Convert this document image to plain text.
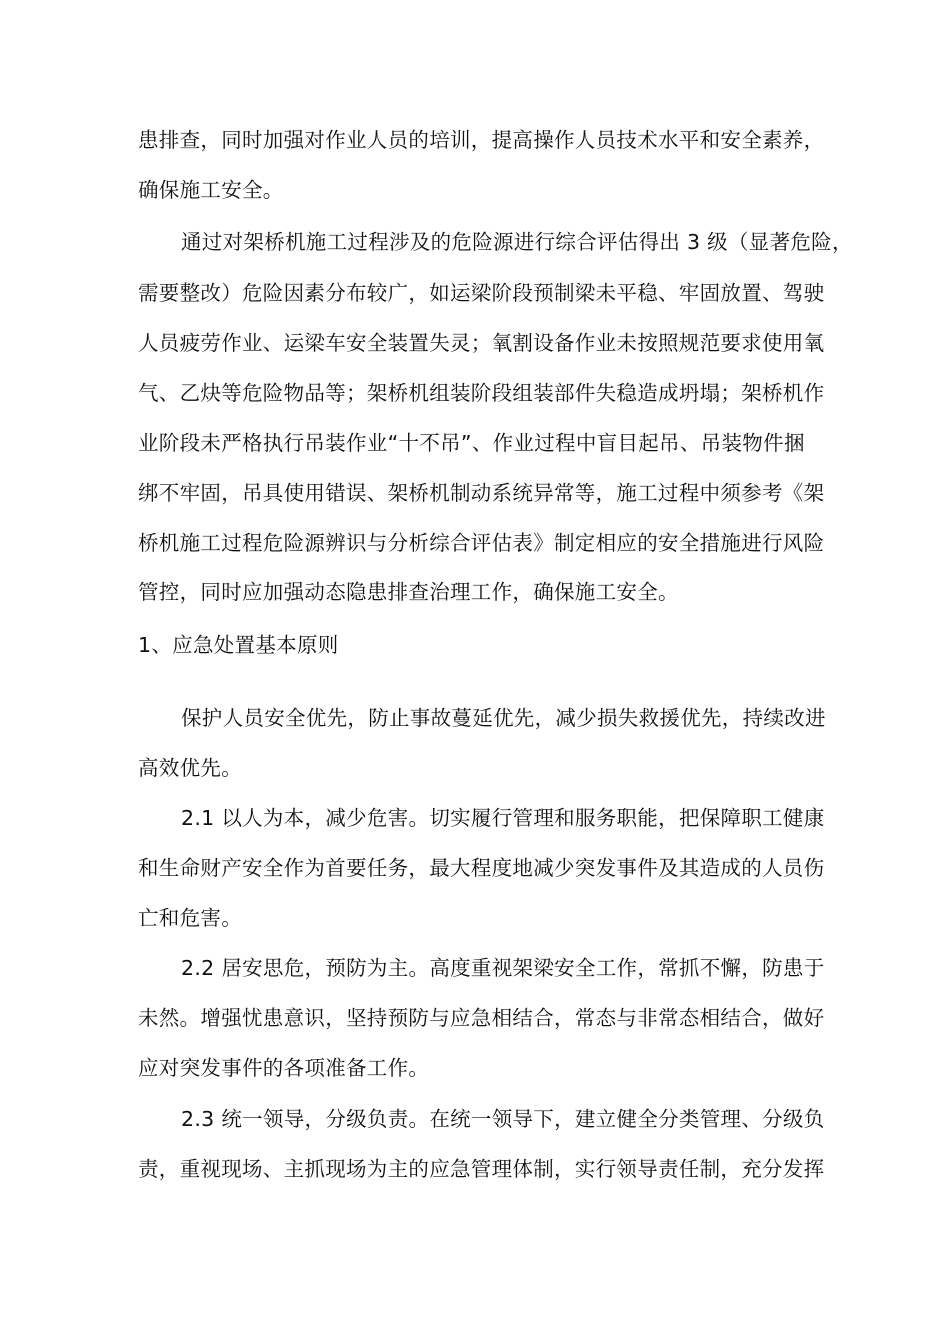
患排查，同时加强对作业人员的培训，提高操作人员技术水平和安全素养，
确保施工安全。
通过对架桥机施工过程涉及的危险源进行综合评估得出 3 级（显著危险，
需要整改）危险因素分布较广，如运梁阶段预制梁未平稳、牢固放置、驾驶
人员疲劳作业、运梁车安全装置失灵；氧割设备作业未按照规范要求使用氧
气、乙炔等危险物品等；架桥机组装阶段组装部件失稳造成坍塌；架桥机作
业阶段未严格执行吊装作业“十不吊”、作业过程中盲目起吊、吊装物件捆
绑不牢固，吊具使用错误、架桥机制动系统异常等，施工过程中须参考《架
桥机施工过程危险源辨识与分析综合评估表》制定相应的安全措施进行风险
管控，同时应加强动态隐患排查治理工作，确保施工安全。
1、应急处置基本原则
保护人员安全优先，防止事故蔓延优先，减少损失救援优先，持续改进
高效优先。
2.1 以人为本，减少危害。切实履行管理和服务职能，把保障职工健康
和生命财产安全作为首要任务，最大程度地减少突发事件及其造成的人员伤
亡和危害。
2.2 居安思危，预防为主。高度重视架梁安全工作，常抓不懈，防患于
未然。增强忧患意识，坚持预防与应急相结合，常态与非常态相结合，做好
应对突发事件的各项准备工作。
2.3 统一领导，分级负责。在统一领导下，建立健全分类管理、分级负
责，重视现场、主抓现场为主的应急管理体制，实行领导责任制，充分发挥
